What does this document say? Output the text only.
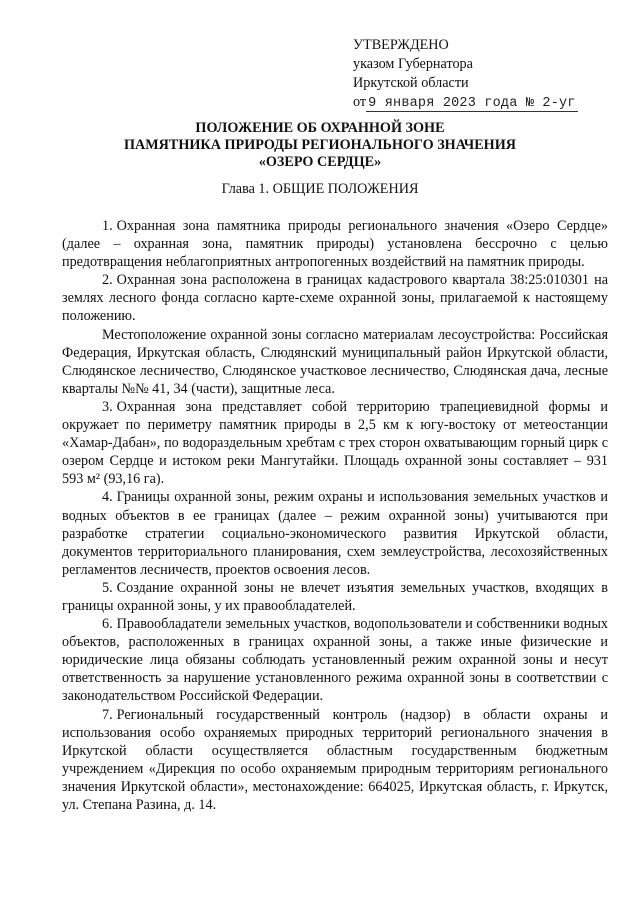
УТВЕРЖДЕНО
указом Губернатора
Иркутской области
от 9 января 2023 года № 2-уг
ПОЛОЖЕНИЕ ОБ ОХРАННОЙ ЗОНЕ
ПАМЯТНИКА ПРИРОДЫ РЕГИОНАЛЬНОГО ЗНАЧЕНИЯ
«ОЗЕРО СЕРДЦЕ»
Глава 1. ОБЩИЕ ПОЛОЖЕНИЯ

1. Охранная зона памятника природы регионального значения «Озеро Сердце» (далее – охранная зона, памятник природы) установлена бессрочно с целью предотвращения неблагоприятных антропогенных воздействий на памятник природы.

2. Охранная зона расположена в границах кадастрового квартала 38:25:010301 на землях лесного фонда согласно карте-схеме охранной зоны, прилагаемой к настоящему положению.

Местоположение охранной зоны согласно материалам лесоустройства: Российская Федерация, Иркутская область, Слюдянский муниципальный район Иркутской области, Слюдянское лесничество, Слюдянское участковое лесничество, Слюдянская дача, лесные кварталы №№ 41, 34 (части), защитные леса.

3. Охранная зона представляет собой территорию трапециевидной формы и окружает по периметру памятник природы в 2,5 км к югу-востоку от метеостанции «Хамар-Дабан», по водораздельным хребтам с трех сторон охватывающим горный цирк с озером Сердце и истоком реки Мангутайки. Площадь охранной зоны составляет – 931 593 м² (93,16 га).

4. Границы охранной зоны, режим охраны и использования земельных участков и водных объектов в ее границах (далее – режим охранной зоны) учитываются при разработке стратегии социально-экономического развития Иркутской области, документов территориального планирования, схем землеустройства, лесохозяйственных регламентов лесничеств, проектов освоения лесов.

5. Создание охранной зоны не влечет изъятия земельных участков, входящих в границы охранной зоны, у их правообладателей.

6. Правообладатели земельных участков, водопользователи и собственники водных объектов, расположенных в границах охранной зоны, а также иные физические и юридические лица обязаны соблюдать установленный режим охранной зоны и несут ответственность за нарушение установленного режима охранной зоны в соответствии с законодательством Российской Федерации.

7. Региональный государственный контроль (надзор) в области охраны и использования особо охраняемых природных территорий регионального значения в Иркутской области осуществляется областным государственным бюджетным учреждением «Дирекция по особо охраняемым природным территориям регионального значения Иркутской области», местонахождение: 664025, Иркутская область, г. Иркутск, ул. Степана Разина, д. 14.
